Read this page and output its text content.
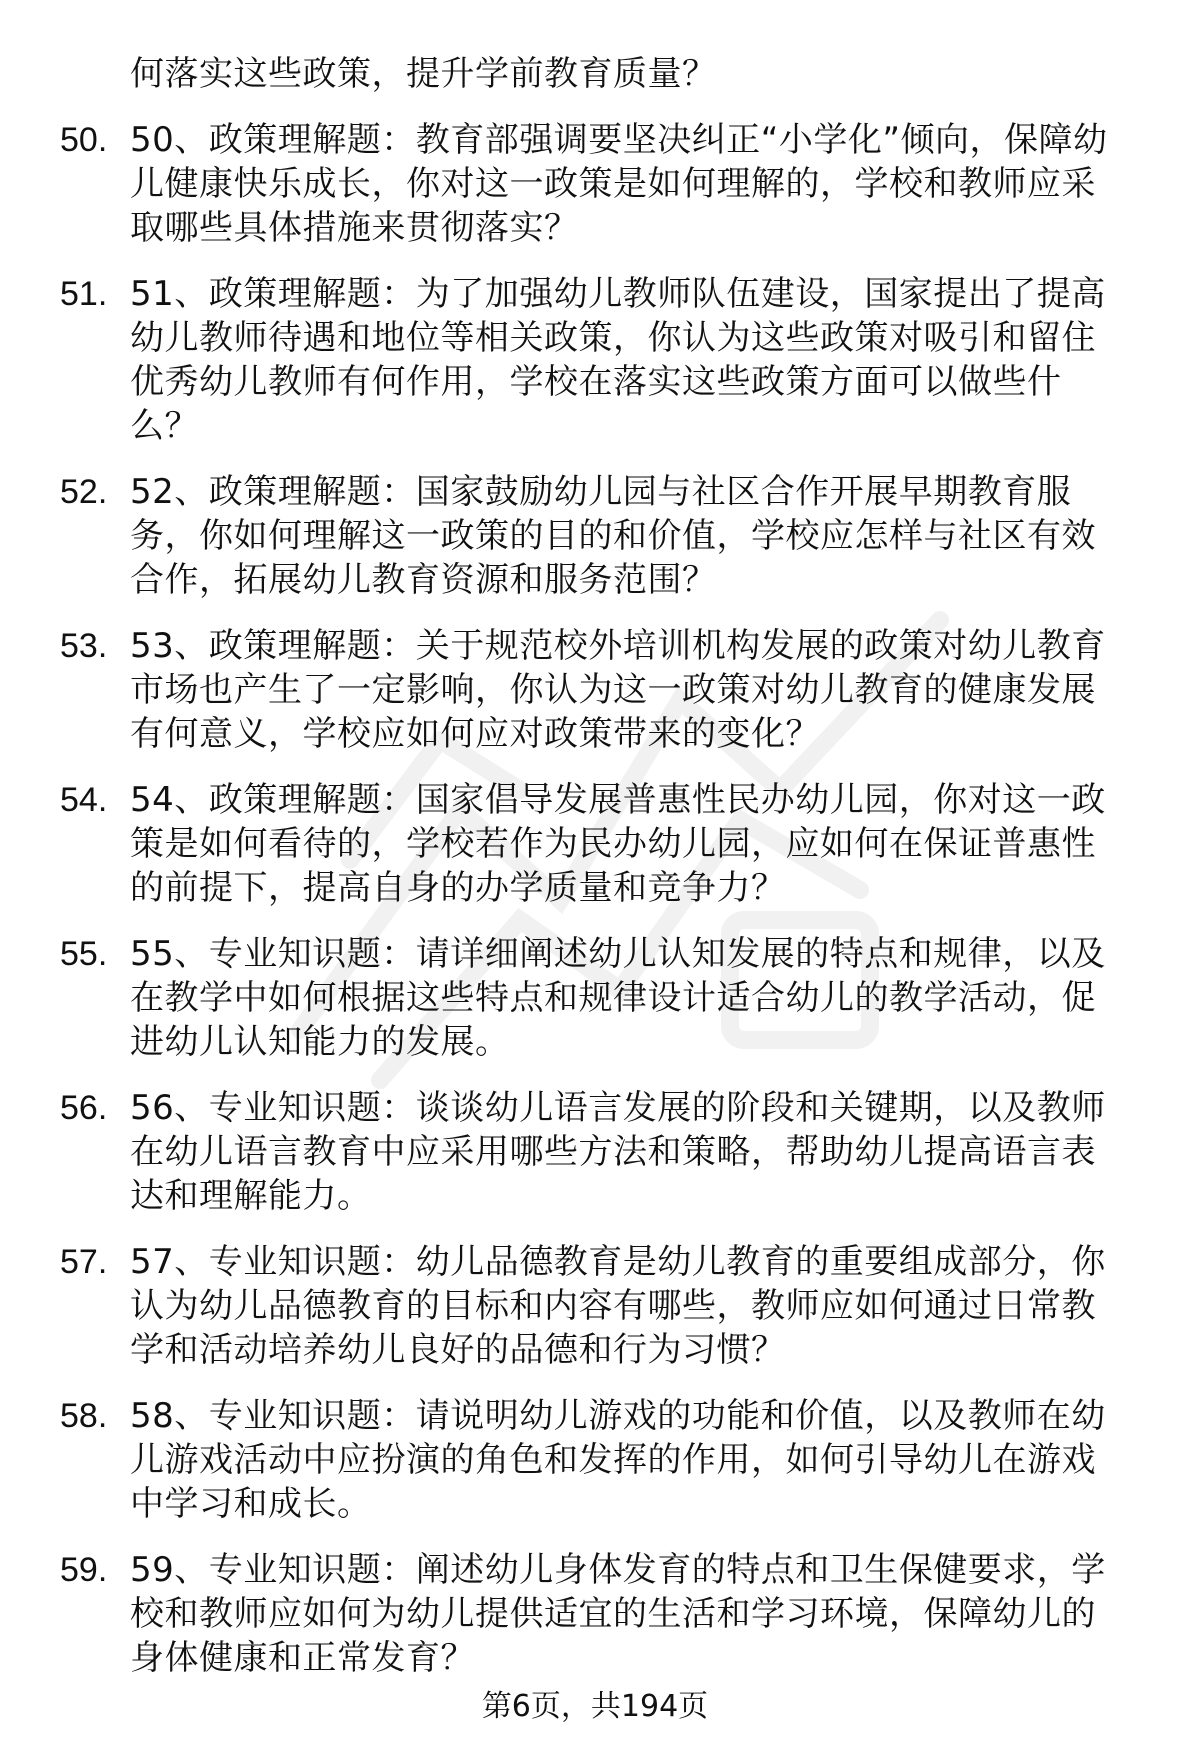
何落实这些政策，提升学前教育质量？
50. 50、政策理解题：教育部强调要坚决纠正“小学化”倾向，保障幼
儿健康快乐成长，你对这一政策是如何理解的，学校和教师应采
取哪些具体措施来贯彻落实？
51. 51、政策理解题：为了加强幼儿教师队伍建设，国家提出了提高
幼儿教师待遇和地位等相关政策，你认为这些政策对吸引和留住
优秀幼儿教师有何作用，学校在落实这些政策方面可以做些什
么？
52. 52、政策理解题：国家鼓励幼儿园与社区合作开展早期教育服
务，你如何理解这一政策的目的和价值，学校应怎样与社区有效
合作，拓展幼儿教育资源和服务范围？
53. 53、政策理解题：关于规范校外培训机构发展的政策对幼儿教育
市场也产生了一定影响，你认为这一政策对幼儿教育的健康发展
有何意义，学校应如何应对政策带来的变化？
54. 54、政策理解题：国家倡导发展普惠性民办幼儿园，你对这一政
策是如何看待的，学校若作为民办幼儿园，应如何在保证普惠性
的前提下，提高自身的办学质量和竞争力？
55. 55、专业知识题：请详细阐述幼儿认知发展的特点和规律，以及
在教学中如何根据这些特点和规律设计适合幼儿的教学活动，促
进幼儿认知能力的发展。
56. 56、专业知识题：谈谈幼儿语言发展的阶段和关键期，以及教师
在幼儿语言教育中应采用哪些方法和策略，帮助幼儿提高语言表
达和理解能力。
57. 57、专业知识题：幼儿品德教育是幼儿教育的重要组成部分，你
认为幼儿品德教育的目标和内容有哪些，教师应如何通过日常教
学和活动培养幼儿良好的品德和行为习惯？
58. 58、专业知识题：请说明幼儿游戏的功能和价值，以及教师在幼
儿游戏活动中应扮演的角色和发挥的作用，如何引导幼儿在游戏
中学习和成长。
59. 59、专业知识题：阐述幼儿身体发育的特点和卫生保健要求，学
校和教师应如何为幼儿提供适宜的生活和学习环境，保障幼儿的
身体健康和正常发育？
第6页，共194页
